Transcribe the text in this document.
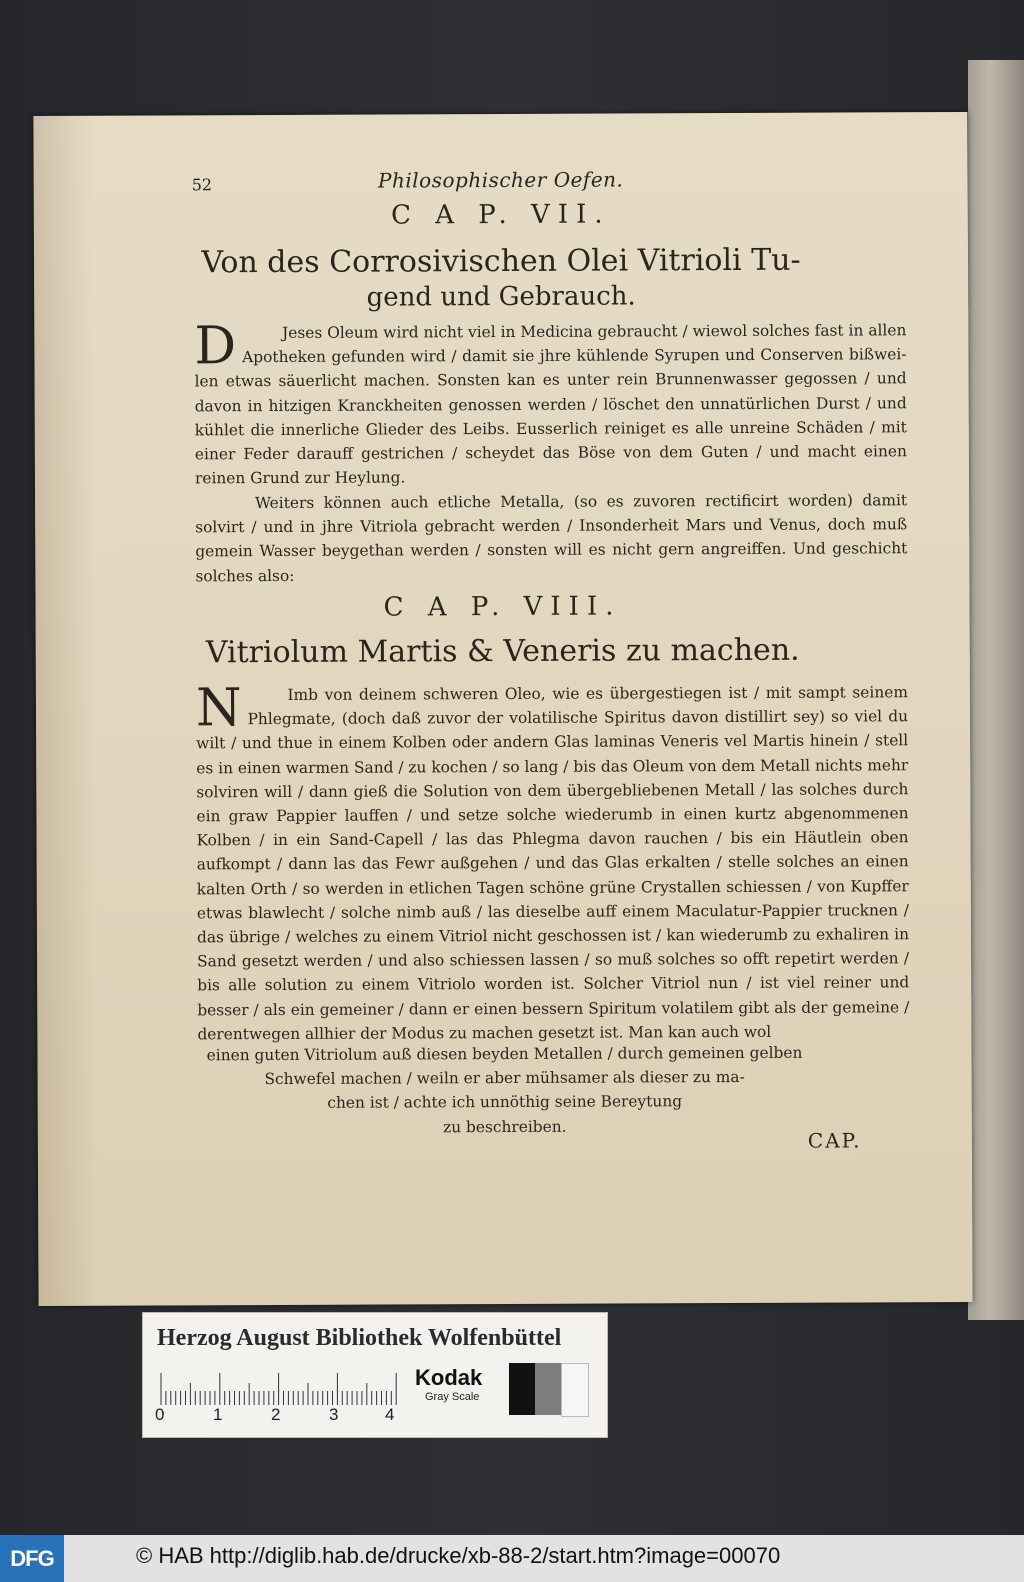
52	Philosophischer Oefen.
C A P. VII.
Von des Corrosivischen Olei Vitrioli Tu-
gend und Gebrauch.
D	Jeses Oleum wird nicht viel in Medicina gebraucht / wiewol solches fast in allen Apotheken gefunden wird / damit sie jhre kühlende Syrupen und Conserven bißweilen etwas säuerlicht machen. Sonsten kan es unter rein Brunnenwasser gegossen / und davon in hitzigen Kranckheiten genossen werden / löschet den unnatürlichen Durst / und kühlet die innerliche Glieder des Leibs. Eusserlich reiniget es alle unreine Schäden / mit einer Feder darauff gestrichen / scheydet das Böse von dem Guten / und macht einen reinen Grund zur Heylung.
Weiters können auch etliche Metalla, (so es zuvoren rectificirt worden) damit solvirt / und in jhre Vitriola gebracht werden / Insonderheit Mars und Venus, doch muß gemein Wasser beygethan werden / sonsten will es nicht gern angreiffen. Und geschicht solches also:
C A P. VIII.
Vitriolum Martis & Veneris zu machen.
N	Imb von deinem schweren Oleo, wie es übergestiegen ist / mit sampt seinem Phlegmate, (doch daß zuvor der volatilische Spiritus davon distillirt sey) so viel du wilt / und thue in einem Kolben oder andern Glas laminas Veneris vel Martis hinein / stell es in einen warmen Sand / zu kochen / so lang / bis das Oleum von dem Metall nichts mehr solviren will / dann gieß die Solution von dem übergebliebenen Metall / las solches durch ein graw Pappier lauffen / und setze solche wiederumb in einen kurtz abgenommenen Kolben / in ein Sand-Capell / las das Phlegma davon rauchen / bis ein Häutlein oben aufkompt / dann las das Fewr außgehen / und das Glas erkalten / stelle solches an einen kalten Orth / so werden in etlichen Tagen schöne grüne Crystallen schiessen / von Kupffer etwas blawlecht / solche nimb auß / las dieselbe auff einem Maculatur-Pappier trucknen / das übrige / welches zu einem Vitriol nicht geschossen ist / kan wiederumb zu exhaliren in Sand gesetzt werden / und also schiessen lassen / so muß solches so offt repetirt werden / bis alle solution zu einem Vitriolo worden ist. Solcher Vitriol nun / ist viel reiner und besser / als ein gemeiner / dann er einen bessern Spiritum volatilem gibt als der gemeine / derentwegen allhier der Modus zu machen gesetzt ist. Man kan auch wol
einen guten Vitriolum auß diesen beyden Metallen / durch gemeinen gelben
Schwefel machen / weiln er aber mühsamer als dieser zu ma-
chen ist / achte ich unnöthig seine Bereytung
zu beschreiben.
CAP.
Herzog August Bibliothek Wolfenbüttel
0	1	2	3	4
Kodak
Gray Scale
DFG	© HAB http://diglib.hab.de/drucke/xb-88-2/start.htm?image=00070
